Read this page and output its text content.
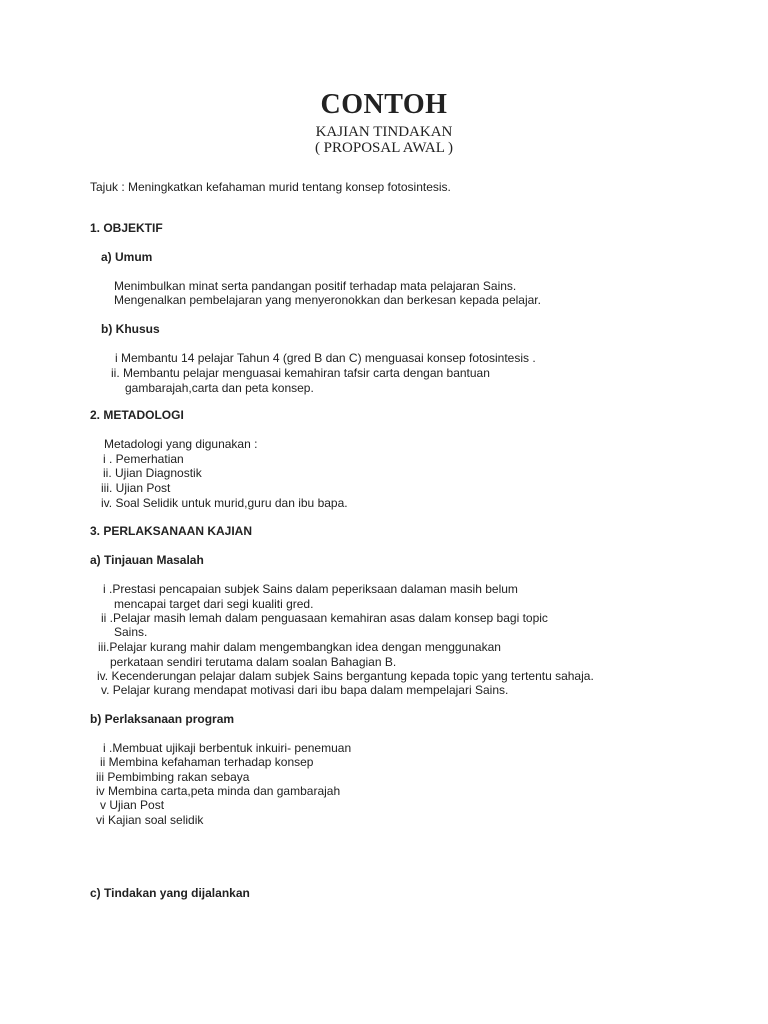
CONTOH
KAJIAN TINDAKAN
( PROPOSAL AWAL )
Tajuk : Meningkatkan kefahaman murid tentang konsep fotosintesis.
1. OBJEKTIF
a) Umum
Menimbulkan minat serta pandangan positif terhadap mata pelajaran Sains.
Mengenalkan pembelajaran yang menyeronokkan dan berkesan kepada pelajar.
b) Khusus
i Membantu 14 pelajar Tahun 4 (gred B dan C) menguasai konsep fotosintesis .
ii. Membantu pelajar menguasai kemahiran tafsir carta dengan bantuan
gambarajah,carta dan peta konsep.
2. METADOLOGI
Metadologi yang digunakan :
i . Pemerhatian
ii. Ujian Diagnostik
iii. Ujian Post
iv. Soal Selidik untuk murid,guru dan ibu bapa.
3. PERLAKSANAAN KAJIAN
a) Tinjauan Masalah
i .Prestasi pencapaian subjek Sains dalam peperiksaan dalaman masih belum
mencapai target dari segi kualiti gred.
ii .Pelajar masih lemah dalam penguasaan kemahiran asas dalam konsep bagi topic
Sains.
iii.Pelajar kurang mahir dalam mengembangkan idea dengan menggunakan
perkataan sendiri terutama dalam soalan Bahagian B.
iv. Kecenderungan pelajar dalam subjek Sains bergantung kepada topic yang tertentu sahaja.
v. Pelajar kurang mendapat motivasi dari ibu bapa dalam mempelajari Sains.
b) Perlaksanaan program
i .Membuat ujikaji berbentuk inkuiri- penemuan
ii Membina kefahaman terhadap konsep
iii Pembimbing rakan sebaya
iv Membina carta,peta minda dan gambarajah
v Ujian Post
vi Kajian soal selidik
c) Tindakan yang dijalankan
